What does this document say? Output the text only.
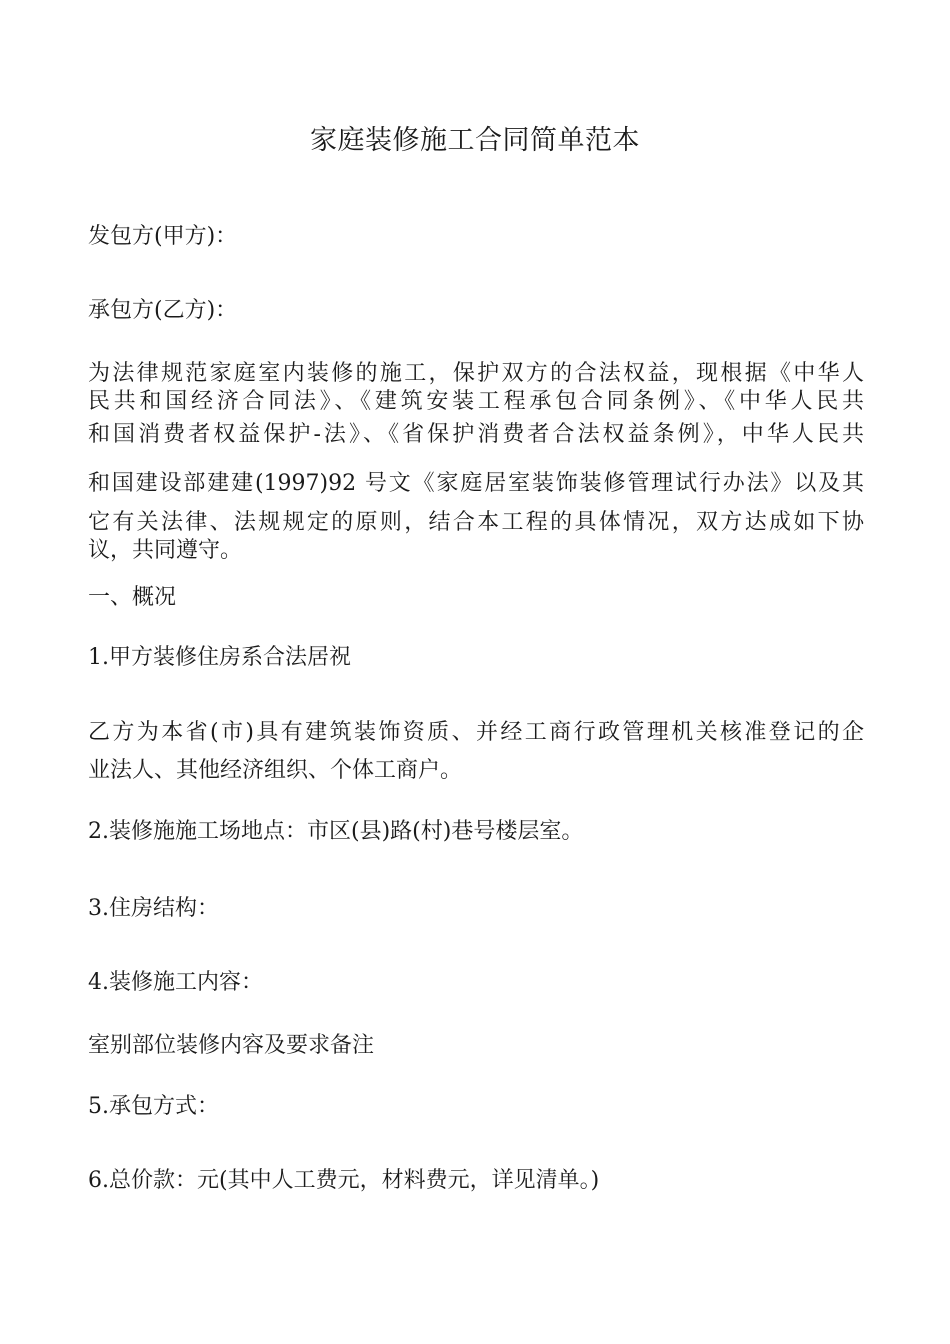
家庭装修施工合同简单范本

发包方(甲方)：

承包方(乙方)：

为法律规范家庭室内装修的施工，保护双方的合法权益，现根据《中华人
民共和国经济合同法》、《建筑安装工程承包合同条例》、《中华人民共
和国消费者权益保护-法》、《省保护消费者合法权益条例》，中华人民共
和国建设部建建(1997)92 号文《家庭居室装饰装修管理试行办法》以及其
它有关法律、法规规定的原则，结合本工程的具体情况，双方达成如下协
议，共同遵守。

一、概况

1.甲方装修住房系合法居祝

乙方为本省(市)具有建筑装饰资质、并经工商行政管理机关核准登记的企
业法人、其他经济组织、个体工商户。

2.装修施施工场地点：市区(县)路(村)巷号楼层室。

3.住房结构：

4.装修施工内容：

室别部位装修内容及要求备注

5.承包方式：

6.总价款：元(其中人工费元，材料费元，详见清单。)
